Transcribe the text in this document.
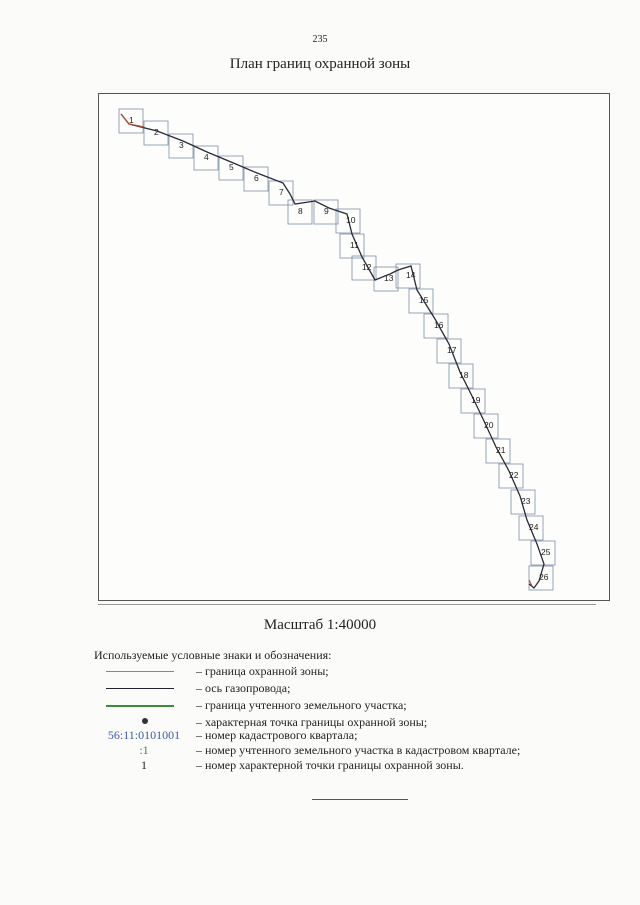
235
План границ охранной зоны
1
2
3
4
5
6
7
8	9
10
11
12
13 14
15
16
17
18
19
20
21
22
23
24
25
26
Масштаб 1:40000
Используемые условные знаки и обозначения:
– граница охранной зоны;
– ось газопровода;
– граница учтенного земельного участка;
– характерная точка границы охранной зоны;
56:11:0101001	– номер кадастрового квартала;
:1	– номер учтенного земельного участка в кадастровом квартале;
1	– номер характерной точки границы охранной зоны.
